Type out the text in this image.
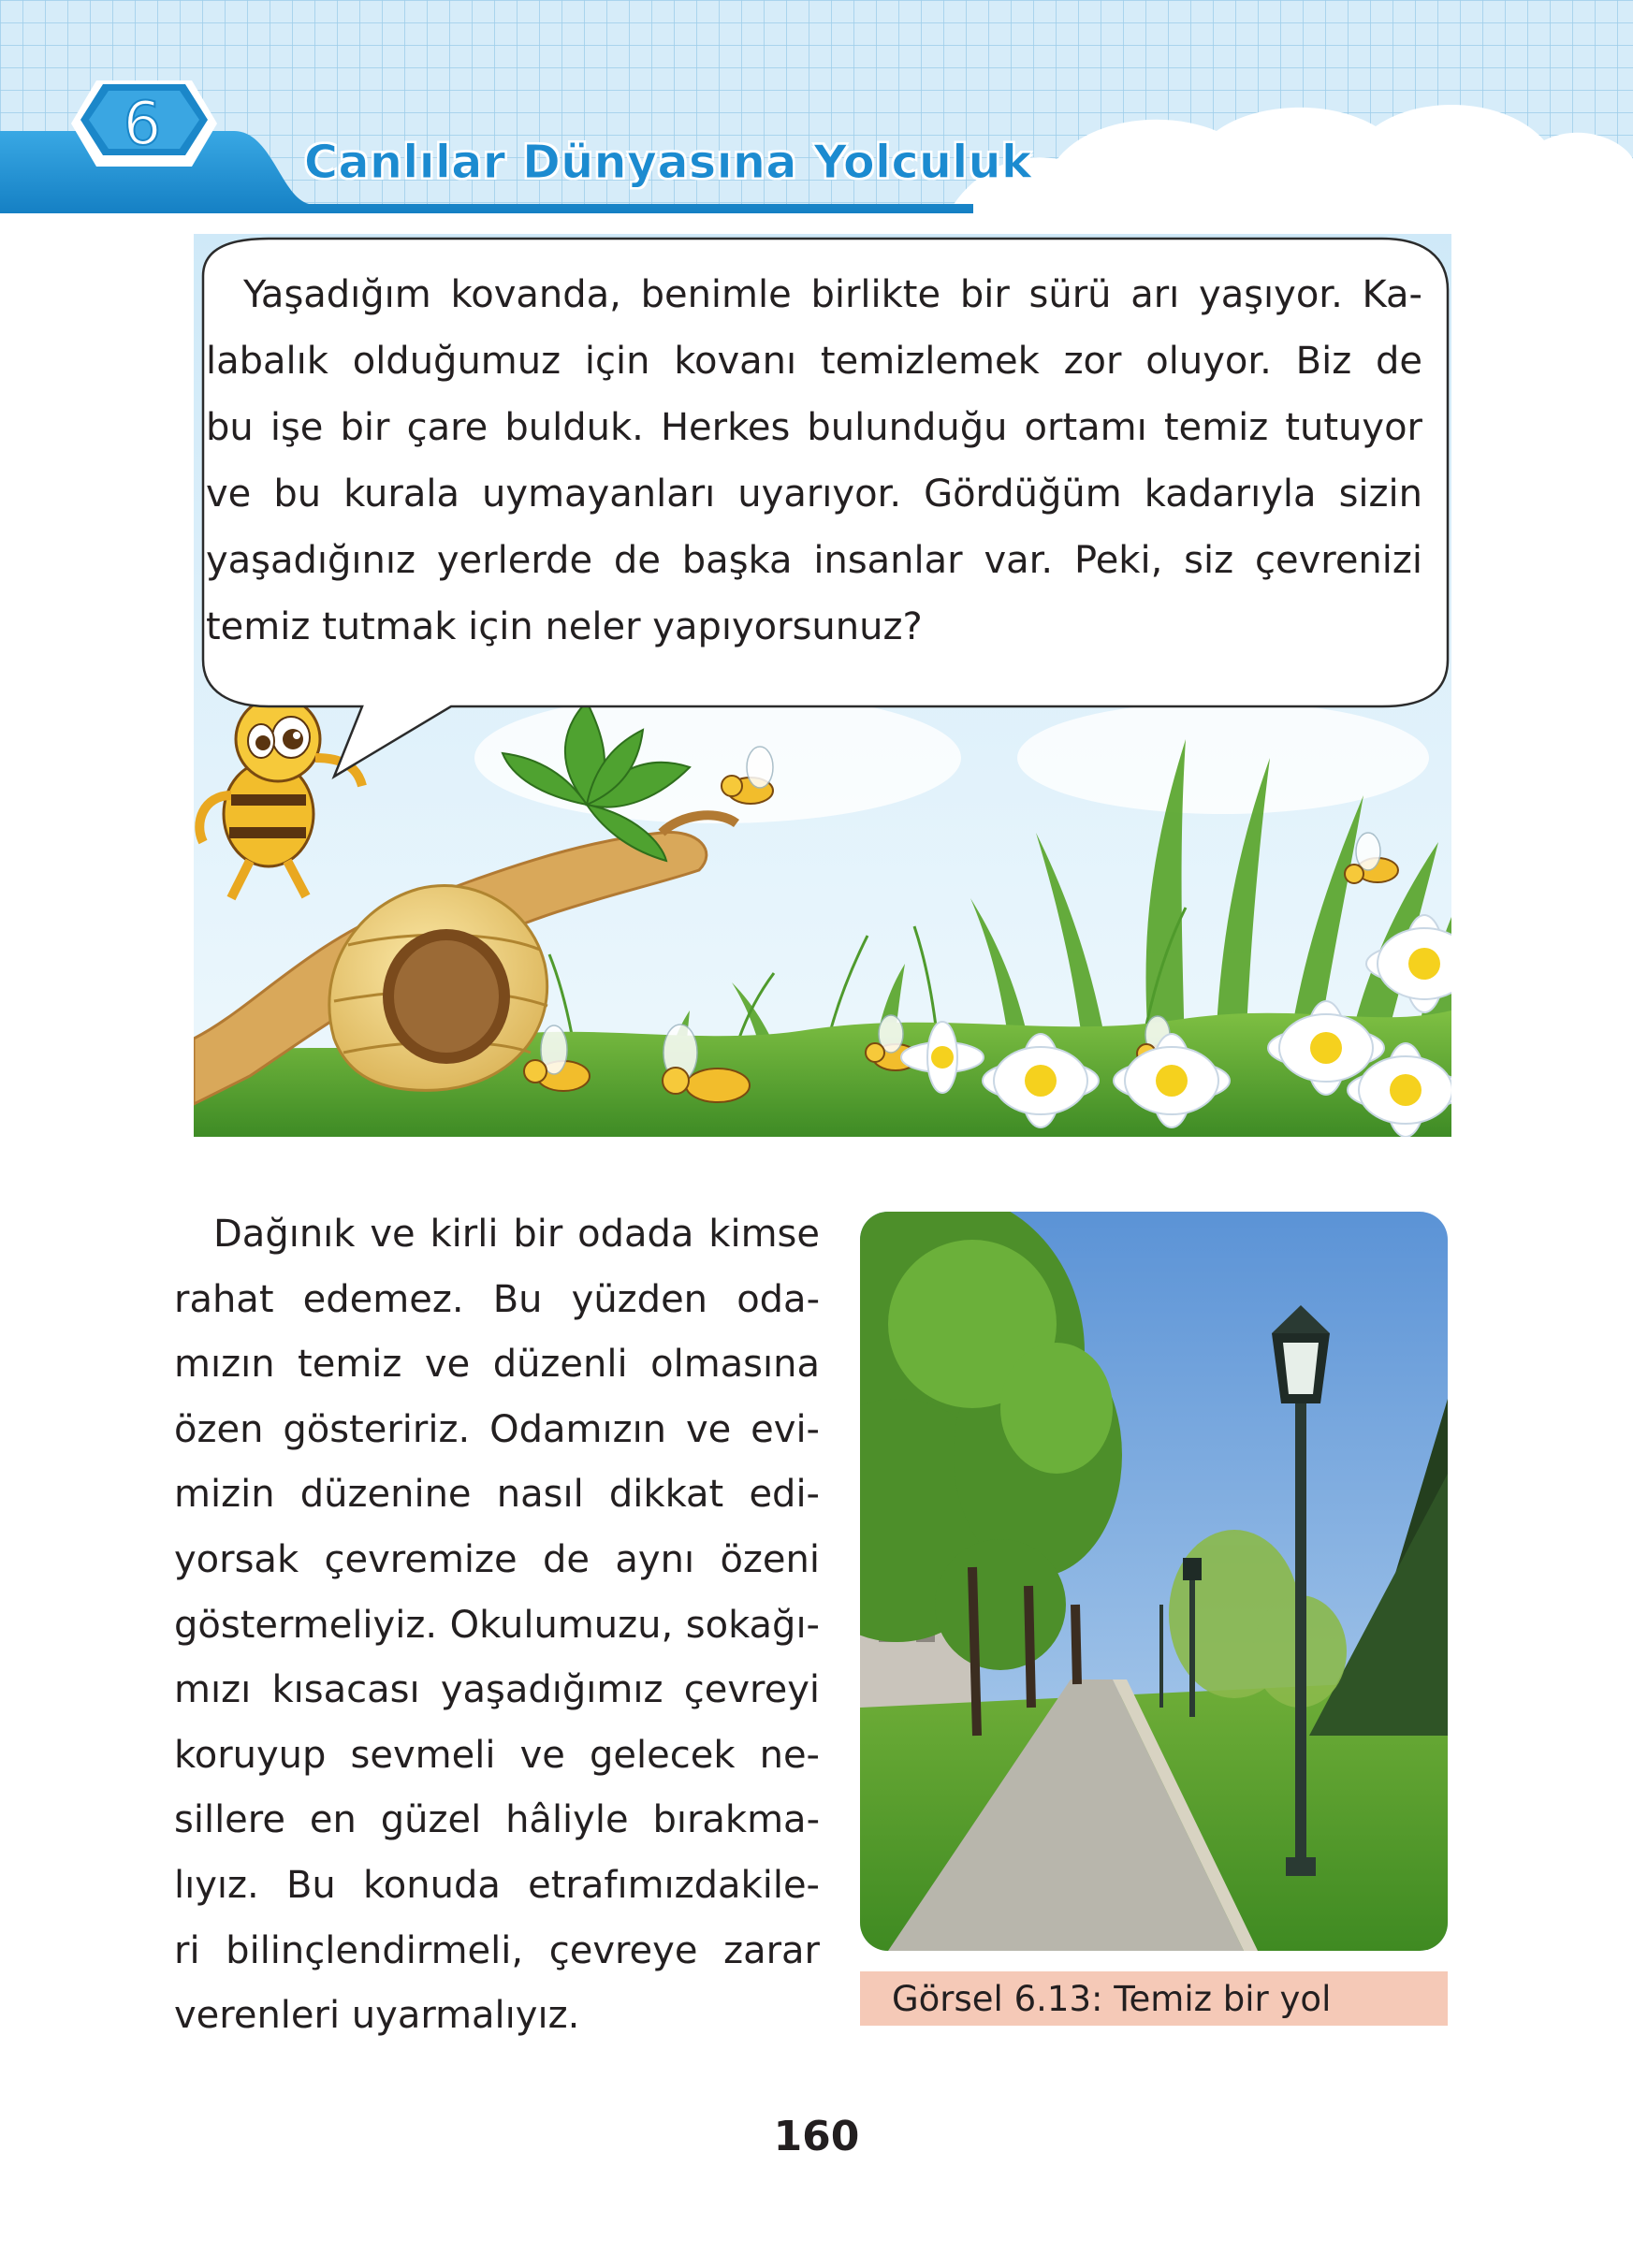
6
Canlılar Dünyasına Yolculuk
Yaşadığım kovanda, benimle birlikte bir sürü arı yaşıyor. Ka-
labalık olduğumuz için kovanı temizlemek zor oluyor. Biz de
bu işe bir çare bulduk. Herkes bulunduğu ortamı temiz tutuyor
ve bu kurala uymayanları uyarıyor. Gördüğüm kadarıyla sizin
yaşadığınız yerlerde de başka insanlar var. Peki, siz çevrenizi
temiz tutmak için neler yapıyorsunuz?
Dağınık ve kirli bir odada kimse
rahat edemez. Bu yüzden oda-
mızın temiz ve düzenli olmasına
özen gösteririz. Odamızın ve evi-
mizin düzenine nasıl dikkat edi-
yorsak çevremize de aynı özeni
göstermeliyiz. Okulumuzu, sokağı-
mızı kısacası yaşadığımız çevreyi
koruyup sevmeli ve gelecek ne-
sillere en güzel hâliyle bırakma-
lıyız. Bu konuda etrafımızdakile-
ri bilinçlendirmeli, çevreye zarar
verenleri uyarmalıyız.	Görsel 6.13: Temiz bir yol
160
